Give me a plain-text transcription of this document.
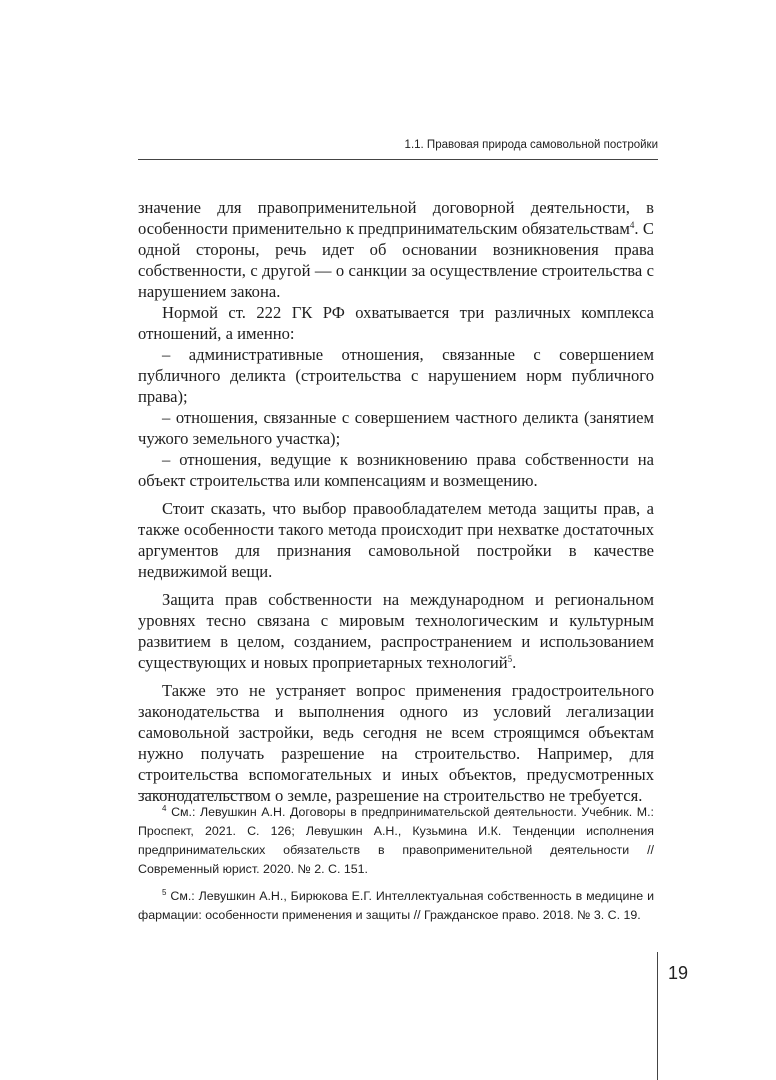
1.1. Правовая природа самовольной постройки

значение для правоприменительной договорной деятельности, в особенности применительно к предпринимательским обязательствам$^4$. С одной стороны, речь идет об основании возникновения права собственности, с другой — о санкции за осуществление строительства с нарушением закона.

Нормой ст. 222 ГК РФ охватывается три различных комплекса отношений, а именно:

– административные отношения, связанные с совершением публичного деликта (строительства с нарушением норм публичного права);

– отношения, связанные с совершением частного деликта (занятием чужого земельного участка);

– отношения, ведущие к возникновению права собственности на объект строительства или компенсациям и возмещению.

Стоит сказать, что выбор правообладателем метода защиты прав, а также особенности такого метода происходит при нехватке достаточных аргументов для признания самовольной постройки в качестве недвижимой вещи.

Защита прав собственности на международном и региональном уровнях тесно связана с мировым технологическим и культурным развитием в целом, созданием, распространением и использованием существующих и новых проприетарных технологий$^5$.

Также это не устраняет вопрос применения градостроительного законодательства и выполнения одного из условий легализации самовольной застройки, ведь сегодня не всем строящимся объектам нужно получать разрешение на строительство. Например, для строительства вспомогательных и иных объектов, предусмотренных законодательством о земле, разрешение на строительство не требуется.

$^4$ См.: Левушкин А.Н. Договоры в предпринимательской деятельности. Учебник. М.: Проспект, 2021. С. 126; Левушкин А.Н., Кузьмина И.К. Тенденции исполнения предпринимательских обязательств в правоприменительной деятельности // Современный юрист. 2020. № 2. С. 151.

$^5$ См.: Левушкин А.Н., Бирюкова Е.Г. Интеллектуальная собственность в медицине и фармации: особенности применения и защиты // Гражданское право. 2018. № 3. С. 19.

19
